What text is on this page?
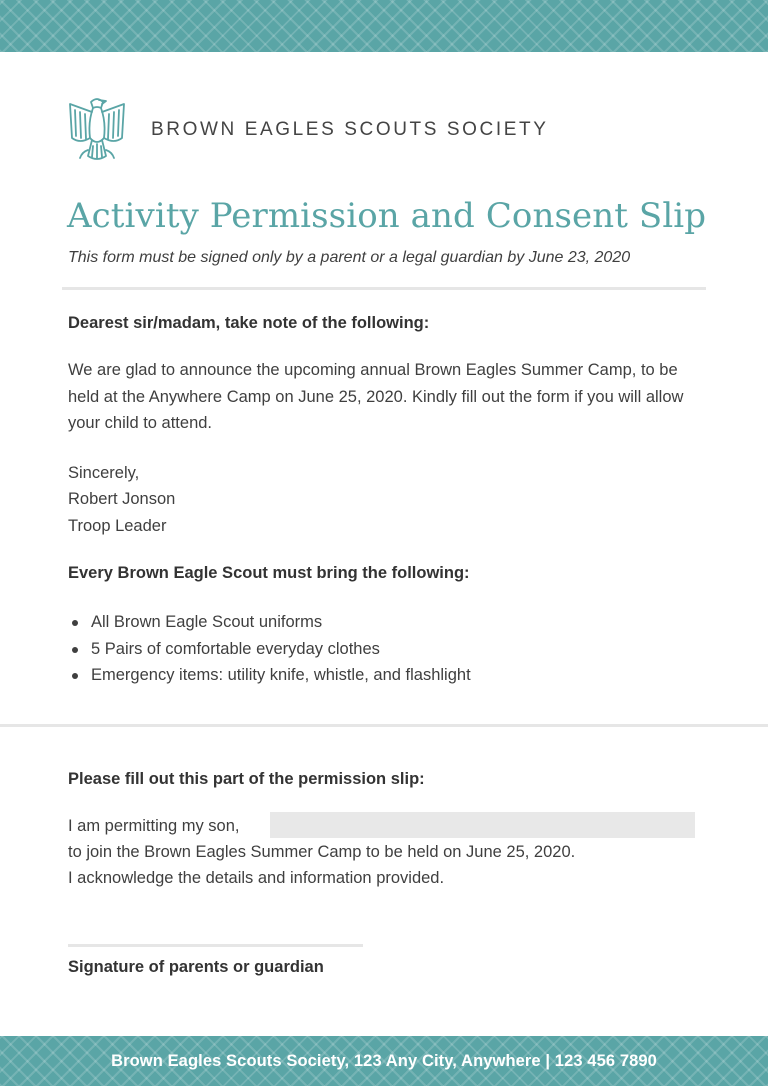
BROWN EAGLES SCOUTS SOCIETY
Activity Permission and Consent Slip
This form must be signed only by a parent or a legal guardian by June 23, 2020
Dearest sir/madam, take note of the following:
We are glad to announce the upcoming annual Brown Eagles Summer Camp, to be held at the Anywhere Camp on June 25, 2020. Kindly fill out the form if you will allow your child to attend.
Sincerely,
Robert Jonson
Troop Leader
Every Brown Eagle Scout must bring the following:
All Brown Eagle Scout uniforms
5 Pairs of comfortable everyday clothes
Emergency items: utility knife, whistle, and flashlight
Please fill out this part of the permission slip:
I am permitting my son,
to join the Brown Eagles Summer Camp to be held on June 25, 2020.
I acknowledge the details and information provided.
Signature of parents or guardian
Brown Eagles Scouts Society, 123 Any City, Anywhere | 123 456 7890
